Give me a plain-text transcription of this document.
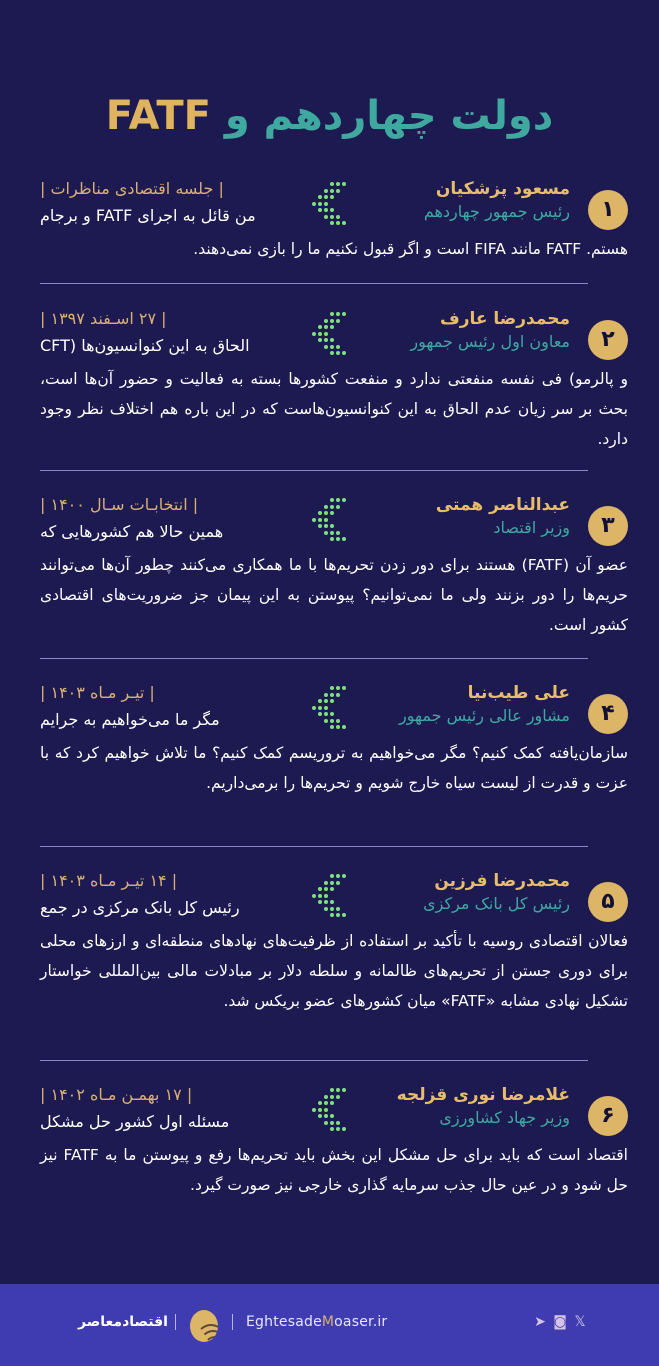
دولت چهاردهم و FATF
۱
مسعود پزشکیان
رئیس جمهور چهاردهم
| جلسه اقتصادی مناظرات |
من قائل به اجرای FATF و برجام
هستم. FATF مانند FIFA است و اگر قبول نکنیم ما را بازی نمی‌دهند.
۲
محمدرضا عارف
معاون اول رئیس جمهور
| ۲۷ اسـفند ۱۳۹۷ |
الحاق به این کنوانسیون‌ها (CFT
و پالرمو) فی نفسه منفعتی ندارد و منفعت کشورها بسته به فعالیت و حضور آن‌ها است، بحث بر سر زیان عدم الحاق به این کنوانسیون‌هاست که در این باره هم اختلاف نظر وجود دارد.
۳
عبدالناصر همتی
وزیر اقتصاد
| انتخابـات سـال ۱۴۰۰ |
همین حالا هم کشورهایی که
عضو آن (FATF) هستند برای دور زدن تحریم‌ها با ما همکاری می‌کنند چطور آن‌ها می‌توانند حریم‌ها را دور بزنند ولی ما نمی‌توانیم؟ پیوستن به این پیمان جز ضروریت‌های اقتصادی کشور است.
۴
علی طیب‌نیا
مشاور عالی رئیس جمهور
| تیـر مـاه ۱۴۰۳ |
مگر ما می‌خواهیم به جرایم
سازمان‌یافته کمک کنیم؟ مگر می‌خواهیم به تروریسم کمک کنیم؟ ما تلاش خواهیم کرد که با عزت و قدرت از لیست سیاه خارج شویم و تحریم‌ها را برمی‌داریم.
۵
محمدرضا فرزین
رئیس کل بانک مرکزی
| ۱۴ تیـر مـاه ۱۴۰۳ |
رئیس کل بانک مرکزی در جمع
فعالان اقتصادی روسیه با تأکید بر استفاده از ظرفیت‌های نهادهای منطقه‌ای و ارزهای محلی برای دوری جستن از تحریم‌های ظالمانه و سلطه دلار بر مبادلات مالی بین‌المللی خواستار تشکیل نهادی مشابه «FATF» میان کشورهای عضو بریکس شد.
۶
غلامرضا نوری قزلجه
وزیر جهاد کشاورزی
| ۱۷ بهمـن مـاه ۱۴۰۲ |
مسئله اول کشور حل مشکل
اقتصاد است که باید برای حل مشکل این بخش باید تحریم‌ها رفع و پیوستن ما به FATF نیز حل شود و در عین حال جذب سرمایه گذاری خارجی نیز صورت گیرد.
اقتصادمعاصر	EghtesadeMoaser.ir	➤ ◙ 𝕏
